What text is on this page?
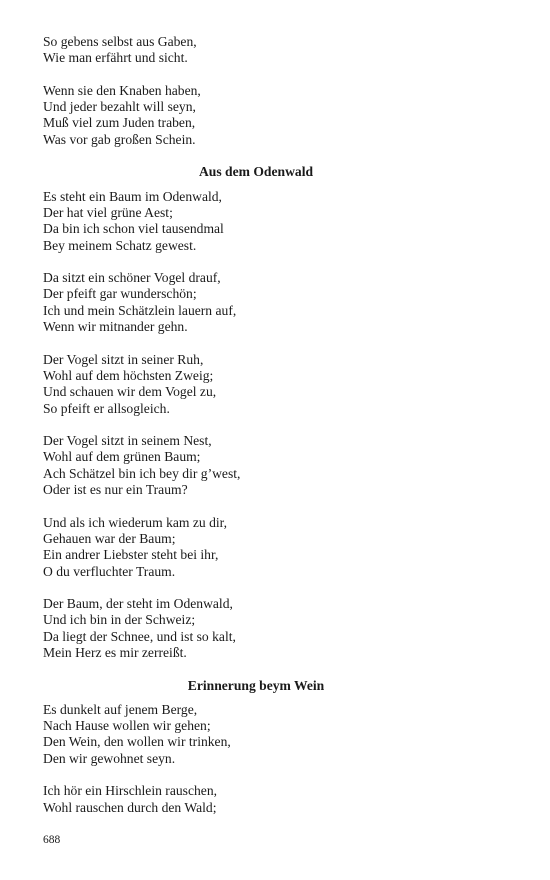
So gebens selbst aus Gaben,
Wie man erfährt und sicht.
Wenn sie den Knaben haben,
Und jeder bezahlt will seyn,
Muß viel zum Juden traben,
Was vor gab großen Schein.
Aus dem Odenwald
Es steht ein Baum im Odenwald,
Der hat viel grüne Aest;
Da bin ich schon viel tausendmal
Bey meinem Schatz gewest.
Da sitzt ein schöner Vogel drauf,
Der pfeift gar wunderschön;
Ich und mein Schätzlein lauern auf,
Wenn wir mitnander gehn.
Der Vogel sitzt in seiner Ruh,
Wohl auf dem höchsten Zweig;
Und schauen wir dem Vogel zu,
So pfeift er allsogleich.
Der Vogel sitzt in seinem Nest,
Wohl auf dem grünen Baum;
Ach Schätzel bin ich bey dir g’west,
Oder ist es nur ein Traum?
Und als ich wiederum kam zu dir,
Gehauen war der Baum;
Ein andrer Liebster steht bei ihr,
O du verfluchter Traum.
Der Baum, der steht im Odenwald,
Und ich bin in der Schweiz;
Da liegt der Schnee, und ist so kalt,
Mein Herz es mir zerreißt.
Erinnerung beym Wein
Es dunkelt auf jenem Berge,
Nach Hause wollen wir gehen;
Den Wein, den wollen wir trinken,
Den wir gewohnet seyn.
Ich hör ein Hirschlein rauschen,
Wohl rauschen durch den Wald;
688
